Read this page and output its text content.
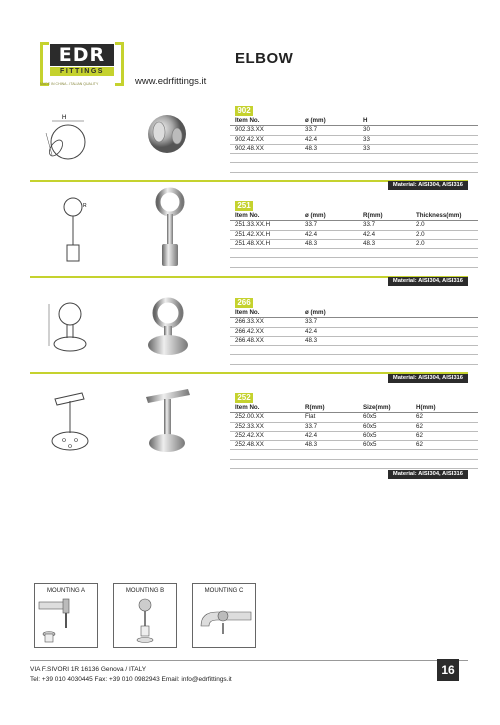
EDR
FITTINGS
MADE IN CHINA - ITALIAN QUALITY	www.edrfittings.it
ELBOW
H
902
Item No.	ø (mm)	H
902.33.XX	33.7	30
902.42.XX	42.4	33
902.48.XX	48.3	33
Material: AISI304, AISI316
R	251
Item No.	ø (mm)	R(mm)	Thickness(mm)
251.33.XX.H	33.7	33.7	2.0
251.42.XX.H	42.4	42.4	2.0
251.48.XX.H	48.3	48.3	2.0
Material: AISI304, AISI316
266
Item No.	ø (mm)
266.33.XX	33.7
266.42.XX	42.4
266.48.XX	48.3
Material: AISI304, AISI316
252
Item No.	R(mm)	Size(mm)	H(mm)
252.00.XX	Flat	60x5	62
252.33.XX	33.7	60x5	62
252.42.XX	42.4	60x5	62
252.48.XX	48.3	60x5	62
Material: AISI304, AISI316
MOUNTING A	MOUNTING B	MOUNTING C
VIA F.SIVORI 1R 16136 Genova / ITALY
Tel: +39 010 4030445 Fax: +39 010 0982943 Email: info@edrfittings.it
16
